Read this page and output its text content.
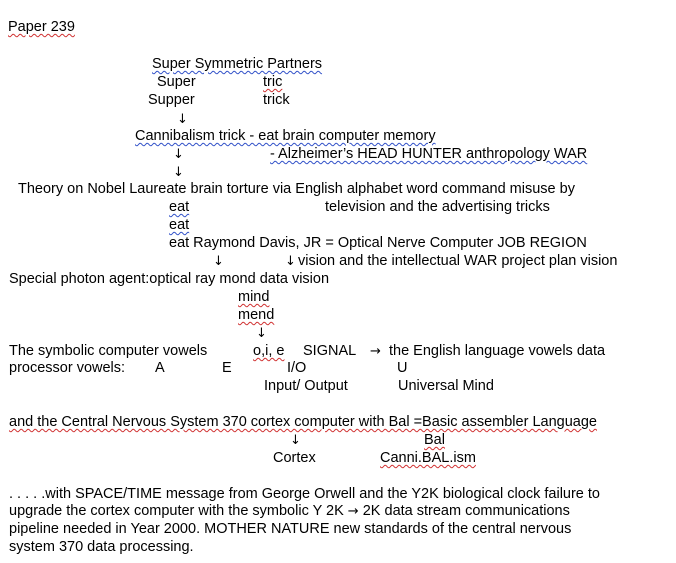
Paper 239
Super Symmetric Partners
Super	tric
Supper	trick
↓
Cannibalism trick - eat brain computer memory
↓	- Alzheimer’s HEAD HUNTER anthropology WAR
↓
Theory on Nobel Laureate brain torture via English alphabet word command misuse by
eat	television and the advertising tricks
eat
eat Raymond Davis, JR = Optical Nerve Computer JOB REGION
↓	↓ vision and the intellectual WAR project plan vision
Special photon agent:optical ray mond data vision
mind
mend
↓
The symbolic computer vowels	o,i, e SIGNAL → the English language vowels data
processor vowels: A	E	I/O	U
Input/ Output	Universal Mind
and the Central Nervous System 370 cortex computer with Bal =Basic assembler Language
↓	Bal
Cortex	Canni.BAL.ism
. . . . .with SPACE/TIME message from George Orwell and the Y2K biological clock failure to
upgrade the cortex computer with the symbolic Y 2K → 2K data stream communications
pipeline needed in Year 2000. MOTHER NATURE new standards of the central nervous
system 370 data processing.
